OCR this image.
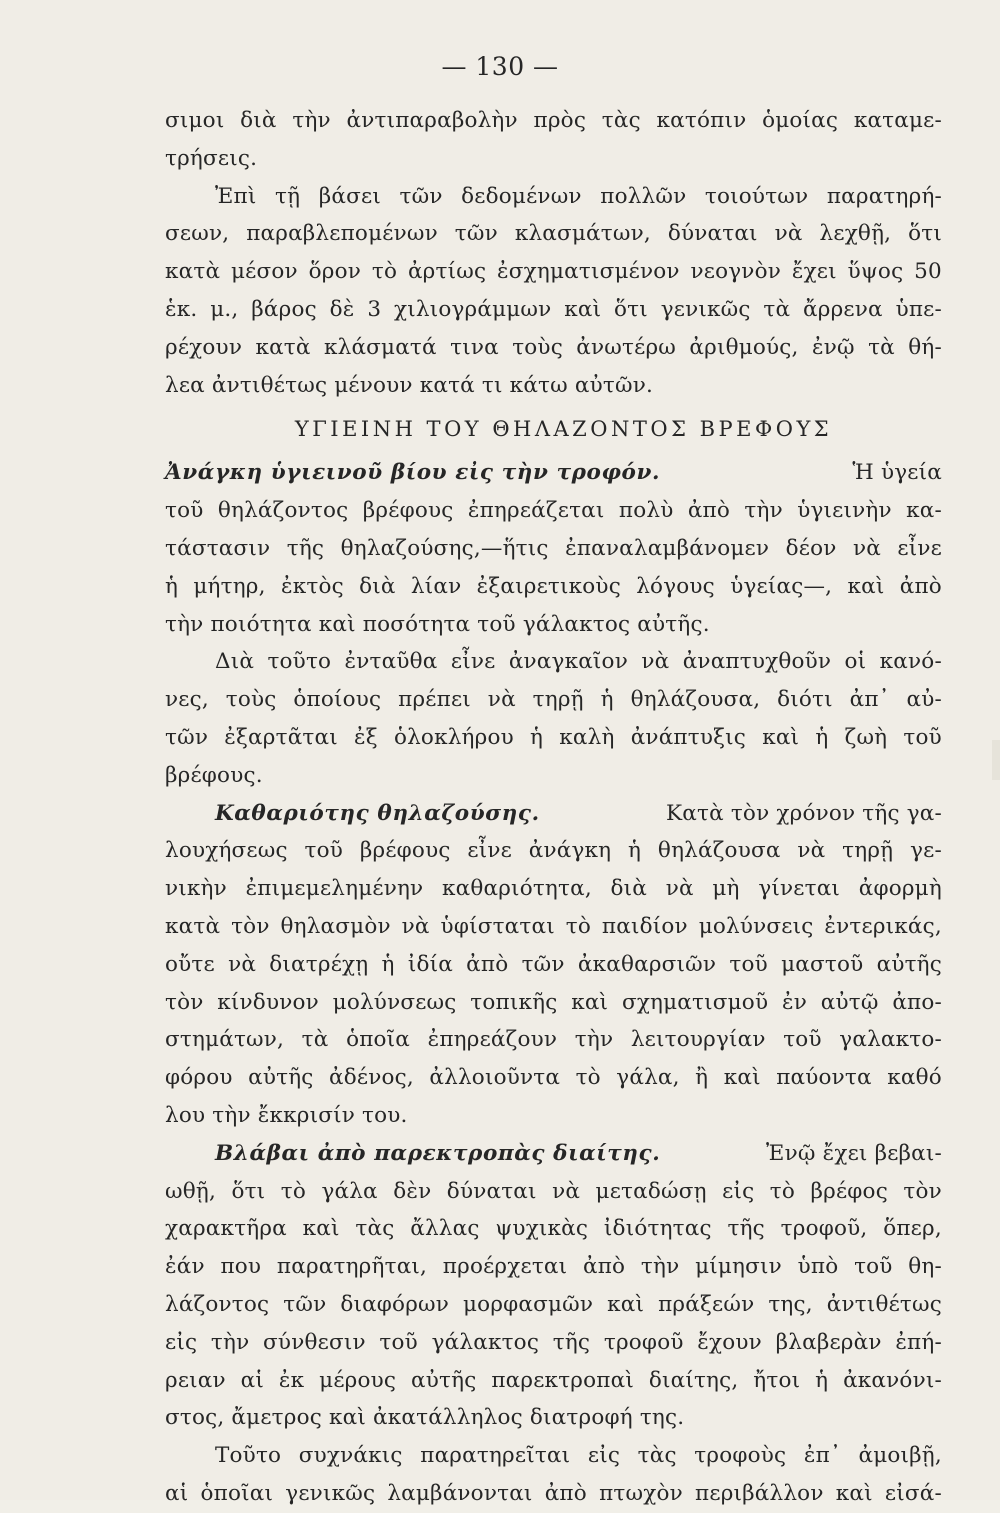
— 130 —
σιμοι διὰ τὴν ἀντιπαραβολὴν πρὸς τὰς κατόπιν ὁμοίας καταμε-
τρήσεις.
Ἐπὶ τῇ βάσει τῶν δεδομένων πολλῶν τοιούτων παρατηρή-
σεων, παραβλεπομένων τῶν κλασμάτων, δύναται νὰ λεχθῇ, ὅτι
κατὰ μέσον ὅρον τὸ ἀρτίως ἐσχηματισμένον νεογνὸν ἔχει ὕψος 50
ἑκ. μ., βάρος δὲ 3 χιλιογράμμων καὶ ὅτι γενικῶς τὰ ἄρρενα ὑπε-
ρέχουν κατὰ κλάσματά τινα τοὺς ἀνωτέρω ἀριθμούς, ἐνῷ τὰ θή-
λεα ἀντιθέτως μένουν κατά τι κάτω αὐτῶν.
ΥΓΙΕΙΝΗ ΤΟΥ ΘΗΛΑΖΟΝΤΟΣ ΒΡΕΦΟΥΣ
Ἀνάγκη ὑγιεινοῦ βίου εἰς τὴν τροφόν.	Ἡ ὑγεία
τοῦ θηλάζοντος βρέφους ἐπηρεάζεται πολὺ ἀπὸ τὴν ὑγιεινὴν κα-
τάστασιν τῆς θηλαζούσης,—ἥτις ἐπαναλαμβάνομεν δέον νὰ εἶνε
ἡ μήτηρ, ἐκτὸς διὰ λίαν ἐξαιρετικοὺς λόγους ὑγείας—, καὶ ἀπὸ
τὴν ποιότητα καὶ ποσότητα τοῦ γάλακτος αὐτῆς.
Διὰ τοῦτο ἐνταῦθα εἶνε ἀναγκαῖον νὰ ἀναπτυχθοῦν οἱ κανό-
νες, τοὺς ὁποίους πρέπει νὰ τηρῇ ἡ θηλάζουσα, διότι ἀπ᾽ αὐ-
τῶν ἐξαρτᾶται ἐξ ὁλοκλήρου ἡ καλὴ ἀνάπτυξις καὶ ἡ ζωὴ τοῦ
βρέφους.
Καθαριότης θηλαζούσης.	Κατὰ τὸν χρόνον τῆς γα-
λουχήσεως τοῦ βρέφους εἶνε ἀνάγκη ἡ θηλάζουσα νὰ τηρῇ γε-
νικὴν ἐπιμεμελημένην καθαριότητα, διὰ νὰ μὴ γίνεται ἀφορμὴ
κατὰ τὸν θηλασμὸν νὰ ὑφίσταται τὸ παιδίον μολύνσεις ἐντερικάς,
οὔτε νὰ διατρέχῃ ἡ ἰδία ἀπὸ τῶν ἀκαθαρσιῶν τοῦ μαστοῦ αὐτῆς
τὸν κίνδυνον μολύνσεως τοπικῆς καὶ σχηματισμοῦ ἐν αὐτῷ ἀπο-
στημάτων, τὰ ὁποῖα ἐπηρεάζουν τὴν λειτουργίαν τοῦ γαλακτο-
φόρου αὐτῆς ἀδένος, ἀλλοιοῦντα τὸ γάλα, ἢ καὶ παύοντα καθό
λου τὴν ἔκκρισίν του.
Βλάβαι ἀπὸ παρεκτροπὰς διαίτης.	Ἐνῷ ἔχει βεβαι-
ωθῇ, ὅτι τὸ γάλα δὲν δύναται νὰ μεταδώσῃ εἰς τὸ βρέφος τὸν
χαρακτῆρα καὶ τὰς ἄλλας ψυχικὰς ἰδιότητας τῆς τροφοῦ, ὅπερ,
ἐάν που παρατηρῆται, προέρχεται ἀπὸ τὴν μίμησιν ὑπὸ τοῦ θη-
λάζοντος τῶν διαφόρων μορφασμῶν καὶ πράξεών της, ἀντιθέτως
εἰς τὴν σύνθεσιν τοῦ γάλακτος τῆς τροφοῦ ἔχουν βλαβερὰν ἐπή-
ρειαν αἱ ἐκ μέρους αὐτῆς παρεκτροπαὶ διαίτης, ἤτοι ἡ ἀκανόνι-
στος, ἄμετρος καὶ ἀκατάλληλος διατροφή της.
Τοῦτο συχνάκις παρατηρεῖται εἰς τὰς τροφοὺς ἐπ᾽ ἀμοιβῇ,
αἱ ὁποῖαι γενικῶς λαμβάνονται ἀπὸ πτωχὸν περιβάλλον καὶ εἰσά-
